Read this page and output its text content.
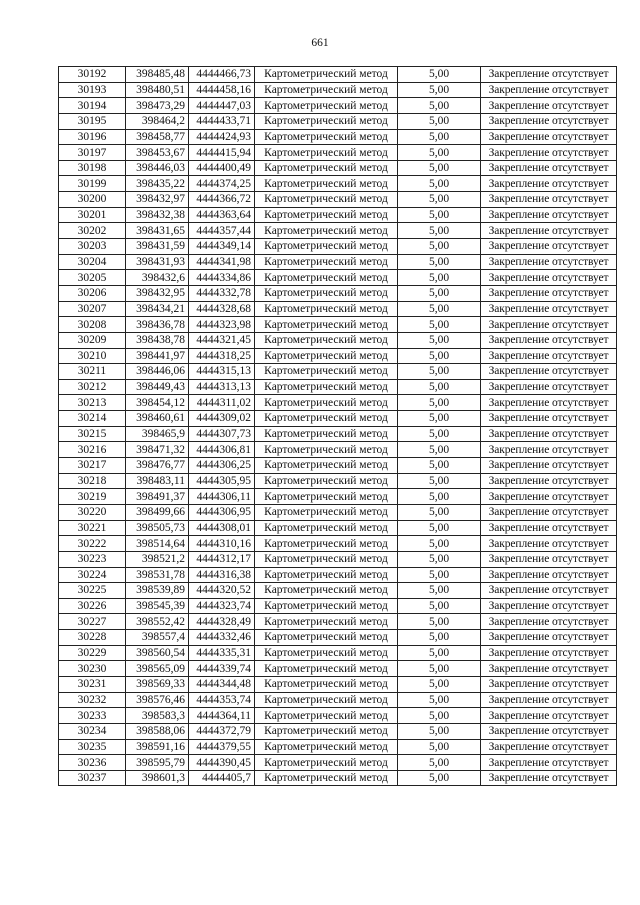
661
30192	398485,48	4444466,73	Картометрический метод	5,00	Закрепление отсутствует
30193	398480,51	4444458,16	Картометрический метод	5,00	Закрепление отсутствует
30194	398473,29	4444447,03	Картометрический метод	5,00	Закрепление отсутствует
30195	398464,2	4444433,71	Картометрический метод	5,00	Закрепление отсутствует
30196	398458,77	4444424,93	Картометрический метод	5,00	Закрепление отсутствует
30197	398453,67	4444415,94	Картометрический метод	5,00	Закрепление отсутствует
30198	398446,03	4444400,49	Картометрический метод	5,00	Закрепление отсутствует
30199	398435,22	4444374,25	Картометрический метод	5,00	Закрепление отсутствует
30200	398432,97	4444366,72	Картометрический метод	5,00	Закрепление отсутствует
30201	398432,38	4444363,64	Картометрический метод	5,00	Закрепление отсутствует
30202	398431,65	4444357,44	Картометрический метод	5,00	Закрепление отсутствует
30203	398431,59	4444349,14	Картометрический метод	5,00	Закрепление отсутствует
30204	398431,93	4444341,98	Картометрический метод	5,00	Закрепление отсутствует
30205	398432,6	4444334,86	Картометрический метод	5,00	Закрепление отсутствует
30206	398432,95	4444332,78	Картометрический метод	5,00	Закрепление отсутствует
30207	398434,21	4444328,68	Картометрический метод	5,00	Закрепление отсутствует
30208	398436,78	4444323,98	Картометрический метод	5,00	Закрепление отсутствует
30209	398438,78	4444321,45	Картометрический метод	5,00	Закрепление отсутствует
30210	398441,97	4444318,25	Картометрический метод	5,00	Закрепление отсутствует
30211	398446,06	4444315,13	Картометрический метод	5,00	Закрепление отсутствует
30212	398449,43	4444313,13	Картометрический метод	5,00	Закрепление отсутствует
30213	398454,12	4444311,02	Картометрический метод	5,00	Закрепление отсутствует
30214	398460,61	4444309,02	Картометрический метод	5,00	Закрепление отсутствует
30215	398465,9	4444307,73	Картометрический метод	5,00	Закрепление отсутствует
30216	398471,32	4444306,81	Картометрический метод	5,00	Закрепление отсутствует
30217	398476,77	4444306,25	Картометрический метод	5,00	Закрепление отсутствует
30218	398483,11	4444305,95	Картометрический метод	5,00	Закрепление отсутствует
30219	398491,37	4444306,11	Картометрический метод	5,00	Закрепление отсутствует
30220	398499,66	4444306,95	Картометрический метод	5,00	Закрепление отсутствует
30221	398505,73	4444308,01	Картометрический метод	5,00	Закрепление отсутствует
30222	398514,64	4444310,16	Картометрический метод	5,00	Закрепление отсутствует
30223	398521,2	4444312,17	Картометрический метод	5,00	Закрепление отсутствует
30224	398531,78	4444316,38	Картометрический метод	5,00	Закрепление отсутствует
30225	398539,89	4444320,52	Картометрический метод	5,00	Закрепление отсутствует
30226	398545,39	4444323,74	Картометрический метод	5,00	Закрепление отсутствует
30227	398552,42	4444328,49	Картометрический метод	5,00	Закрепление отсутствует
30228	398557,4	4444332,46	Картометрический метод	5,00	Закрепление отсутствует
30229	398560,54	4444335,31	Картометрический метод	5,00	Закрепление отсутствует
30230	398565,09	4444339,74	Картометрический метод	5,00	Закрепление отсутствует
30231	398569,33	4444344,48	Картометрический метод	5,00	Закрепление отсутствует
30232	398576,46	4444353,74	Картометрический метод	5,00	Закрепление отсутствует
30233	398583,3	4444364,11	Картометрический метод	5,00	Закрепление отсутствует
30234	398588,06	4444372,79	Картометрический метод	5,00	Закрепление отсутствует
30235	398591,16	4444379,55	Картометрический метод	5,00	Закрепление отсутствует
30236	398595,79	4444390,45	Картометрический метод	5,00	Закрепление отсутствует
30237	398601,3	4444405,7	Картометрический метод	5,00	Закрепление отсутствует
